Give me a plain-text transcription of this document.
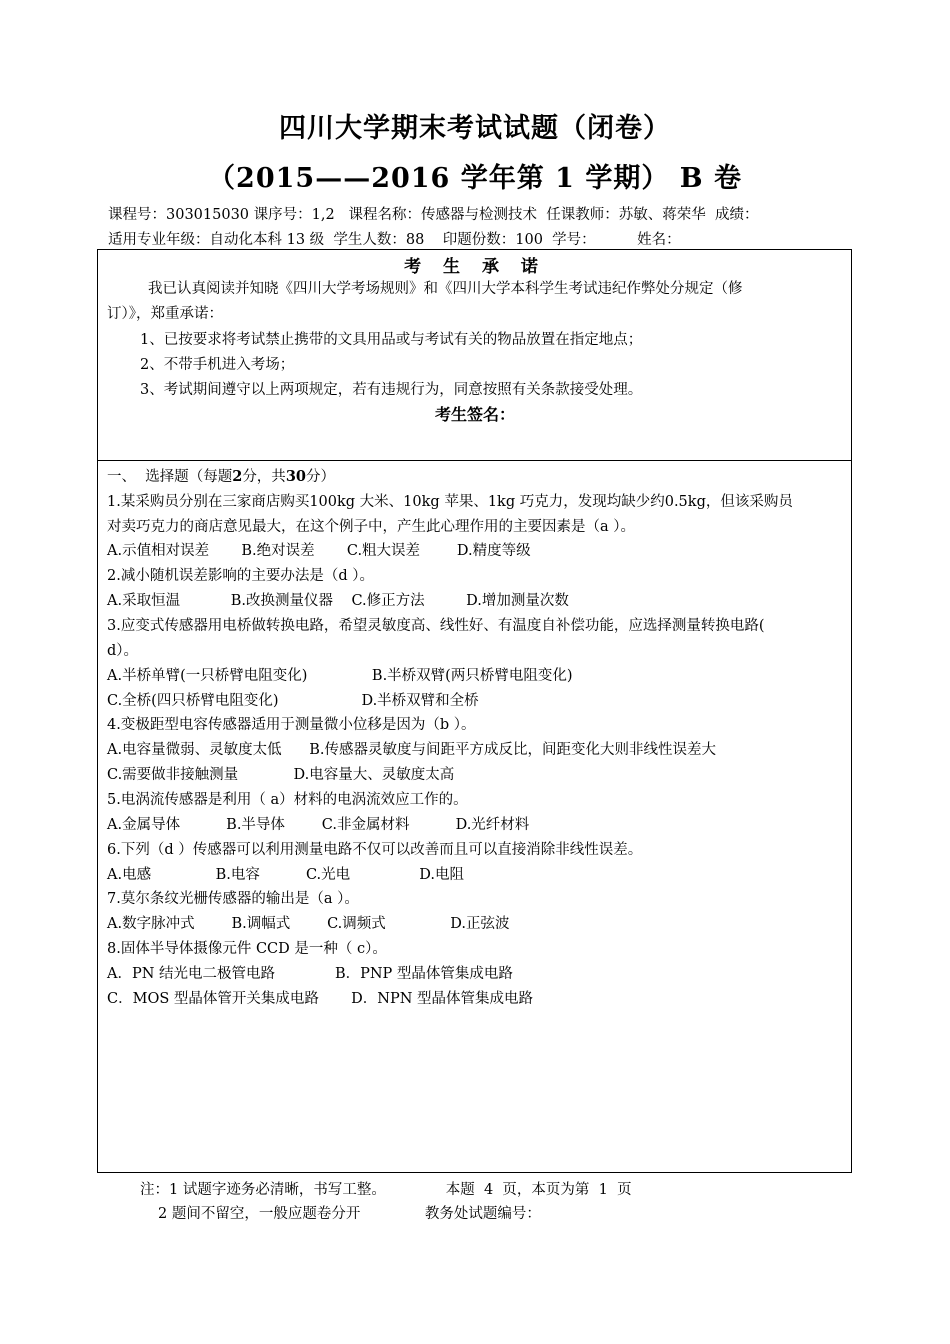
四川大学期末考试试题（闭卷）
（2015——2016 学年第 1 学期） B 卷
课程号：303015030 课序号：1,2   课程名称：传感器与检测技术  任课教师：苏敏、蒋荣华  成绩：
适用专业年级：自动化本科 13 级  学生人数：88    印题份数：100  学号：         姓名：
考 生 承 诺
我已认真阅读并知晓《四川大学考场规则》和《四川大学本科学生考试违纪作弊处分规定（修
订）》，郑重承诺：
1、已按要求将考试禁止携带的文具用品或与考试有关的物品放置在指定地点；
2、不带手机进入考场；
3、考试期间遵守以上两项规定，若有违规行为，同意按照有关条款接受处理。
考生签名：
一、  选择题（每题2分，共30分）
1.某采购员分别在三家商店购买100kg 大米、10kg 苹果、1kg 巧克力，发现均缺少约0.5kg，但该采购员
对卖巧克力的商店意见最大，在这个例子中，产生此心理作用的主要因素是（a ）。
A.示值相对误差       B.绝对误差       C.粗大误差        D.精度等级
2.减小随机误差影响的主要办法是（d ）。
A.采取恒温           B.改换测量仪器    C.修正方法         D.增加测量次数
3.应变式传感器用电桥做转换电路，希望灵敏度高、线性好、有温度自补偿功能，应选择测量转换电路(
d）。
A.半桥单臂(一只桥臂电阻变化)              B.半桥双臂(两只桥臂电阻变化)
C.全桥(四只桥臂电阻变化)                  D.半桥双臂和全桥
4.变极距型电容传感器适用于测量微小位移是因为（b ）。
A.电容量微弱、灵敏度太低      B.传感器灵敏度与间距平方成反比，间距变化大则非线性误差大
C.需要做非接触测量            D.电容量大、灵敏度太高
5.电涡流传感器是利用（ a）材料的电涡流效应工作的。
A.金属导体          B.半导体        C.非金属材料          D.光纤材料
6.下列（d ）传感器可以利用测量电路不仅可以改善而且可以直接消除非线性误差。
A.电感              B.电容          C.光电               D.电阻
7.莫尔条纹光栅传感器的输出是（a ）。
A.数字脉冲式        B.调幅式        C.调频式              D.正弦波
8.固体半导体摄像元件 CCD 是一种（ c）。
A．PN 结光电二极管电路             B．PNP 型晶体管集成电路
C．MOS 型晶体管开关集成电路       D．NPN 型晶体管集成电路
注：1 试题字迹务必清晰，书写工整。             本题  4  页，本页为第  1  页
2 题间不留空，一般应题卷分开              教务处试题编号：
